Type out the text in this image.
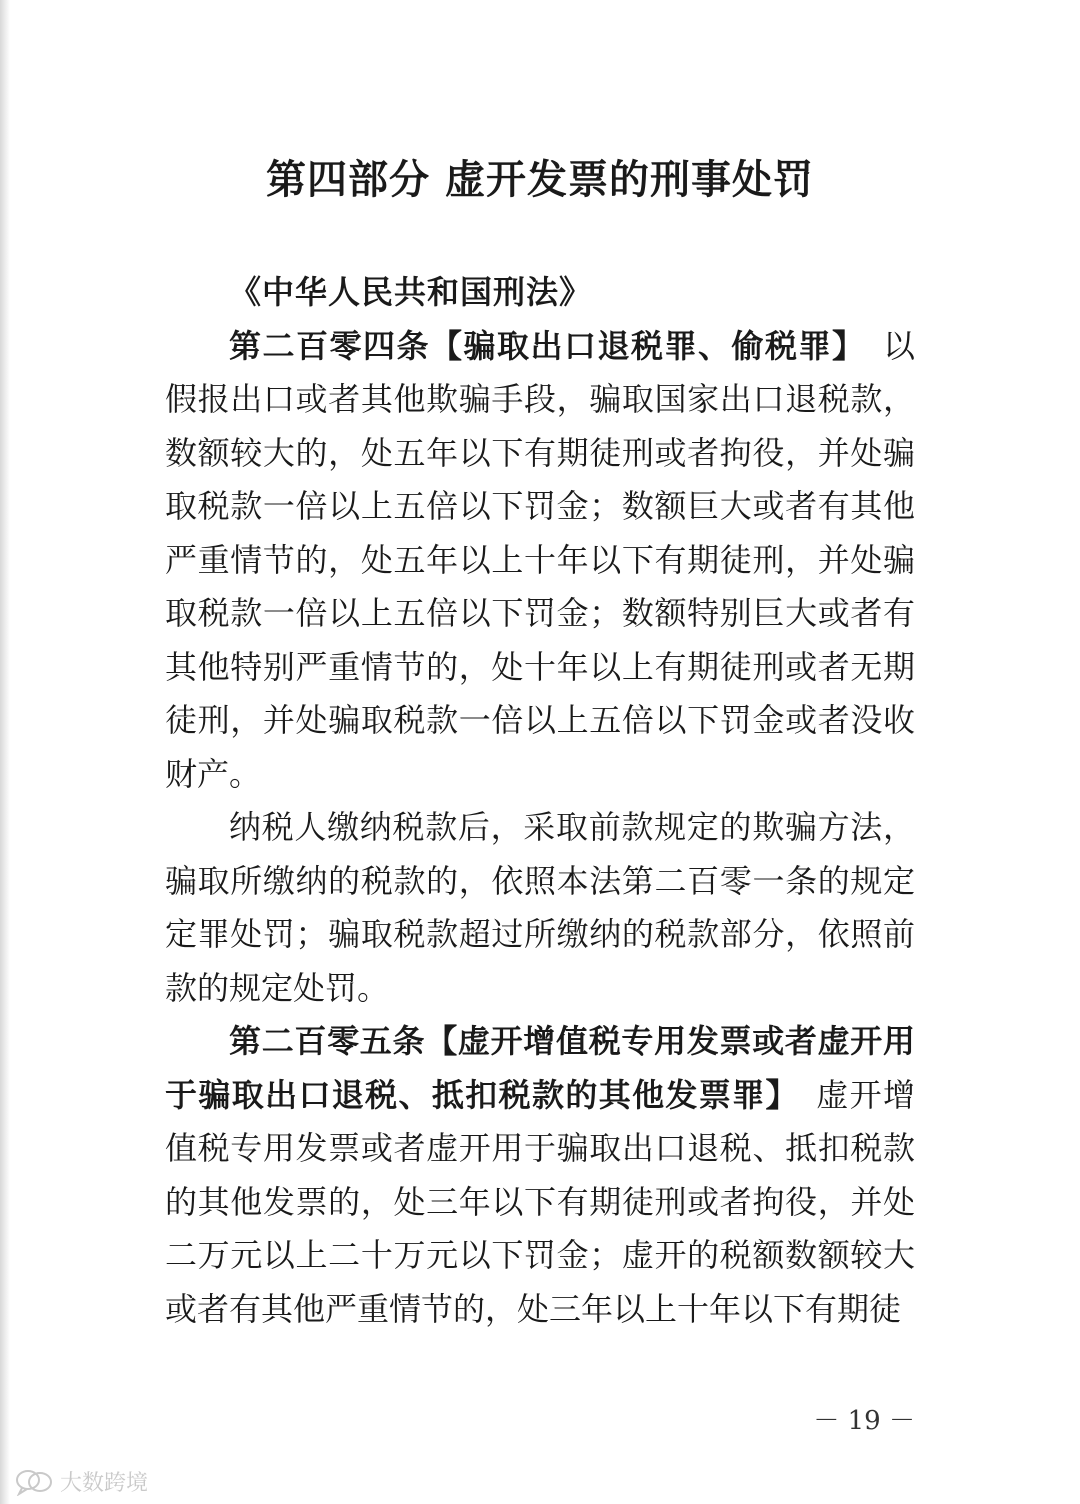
第四部分 虚开发票的刑事处罚
《中华人民共和国刑法》

第二百零四条【骗取出口退税罪、偷税罪】　以假报出口或者其他欺骗手段，骗取国家出口退税款，数额较大的，处五年以下有期徒刑或者拘役，并处骗取税款一倍以上五倍以下罚金；数额巨大或者有其他严重情节的，处五年以上十年以下有期徒刑，并处骗取税款一倍以上五倍以下罚金；数额特别巨大或者有其他特别严重情节的，处十年以上有期徒刑或者无期徒刑，并处骗取税款一倍以上五倍以下罚金或者没收财产。

纳税人缴纳税款后，采取前款规定的欺骗方法，骗取所缴纳的税款的，依照本法第二百零一条的规定定罪处罚；骗取税款超过所缴纳的税款部分，依照前款的规定处罚。

第二百零五条【虚开增值税专用发票或者虚开用于骗取出口退税、抵扣税款的其他发票罪】　虚开增值税专用发票或者虚开用于骗取出口退税、抵扣税款的其他发票的，处三年以下有期徒刑或者拘役，并处二万元以上二十万元以下罚金；虚开的税额数额较大或者有其他严重情节的，处三年以上十年以下有期徒

－ 19 －
大数跨境
